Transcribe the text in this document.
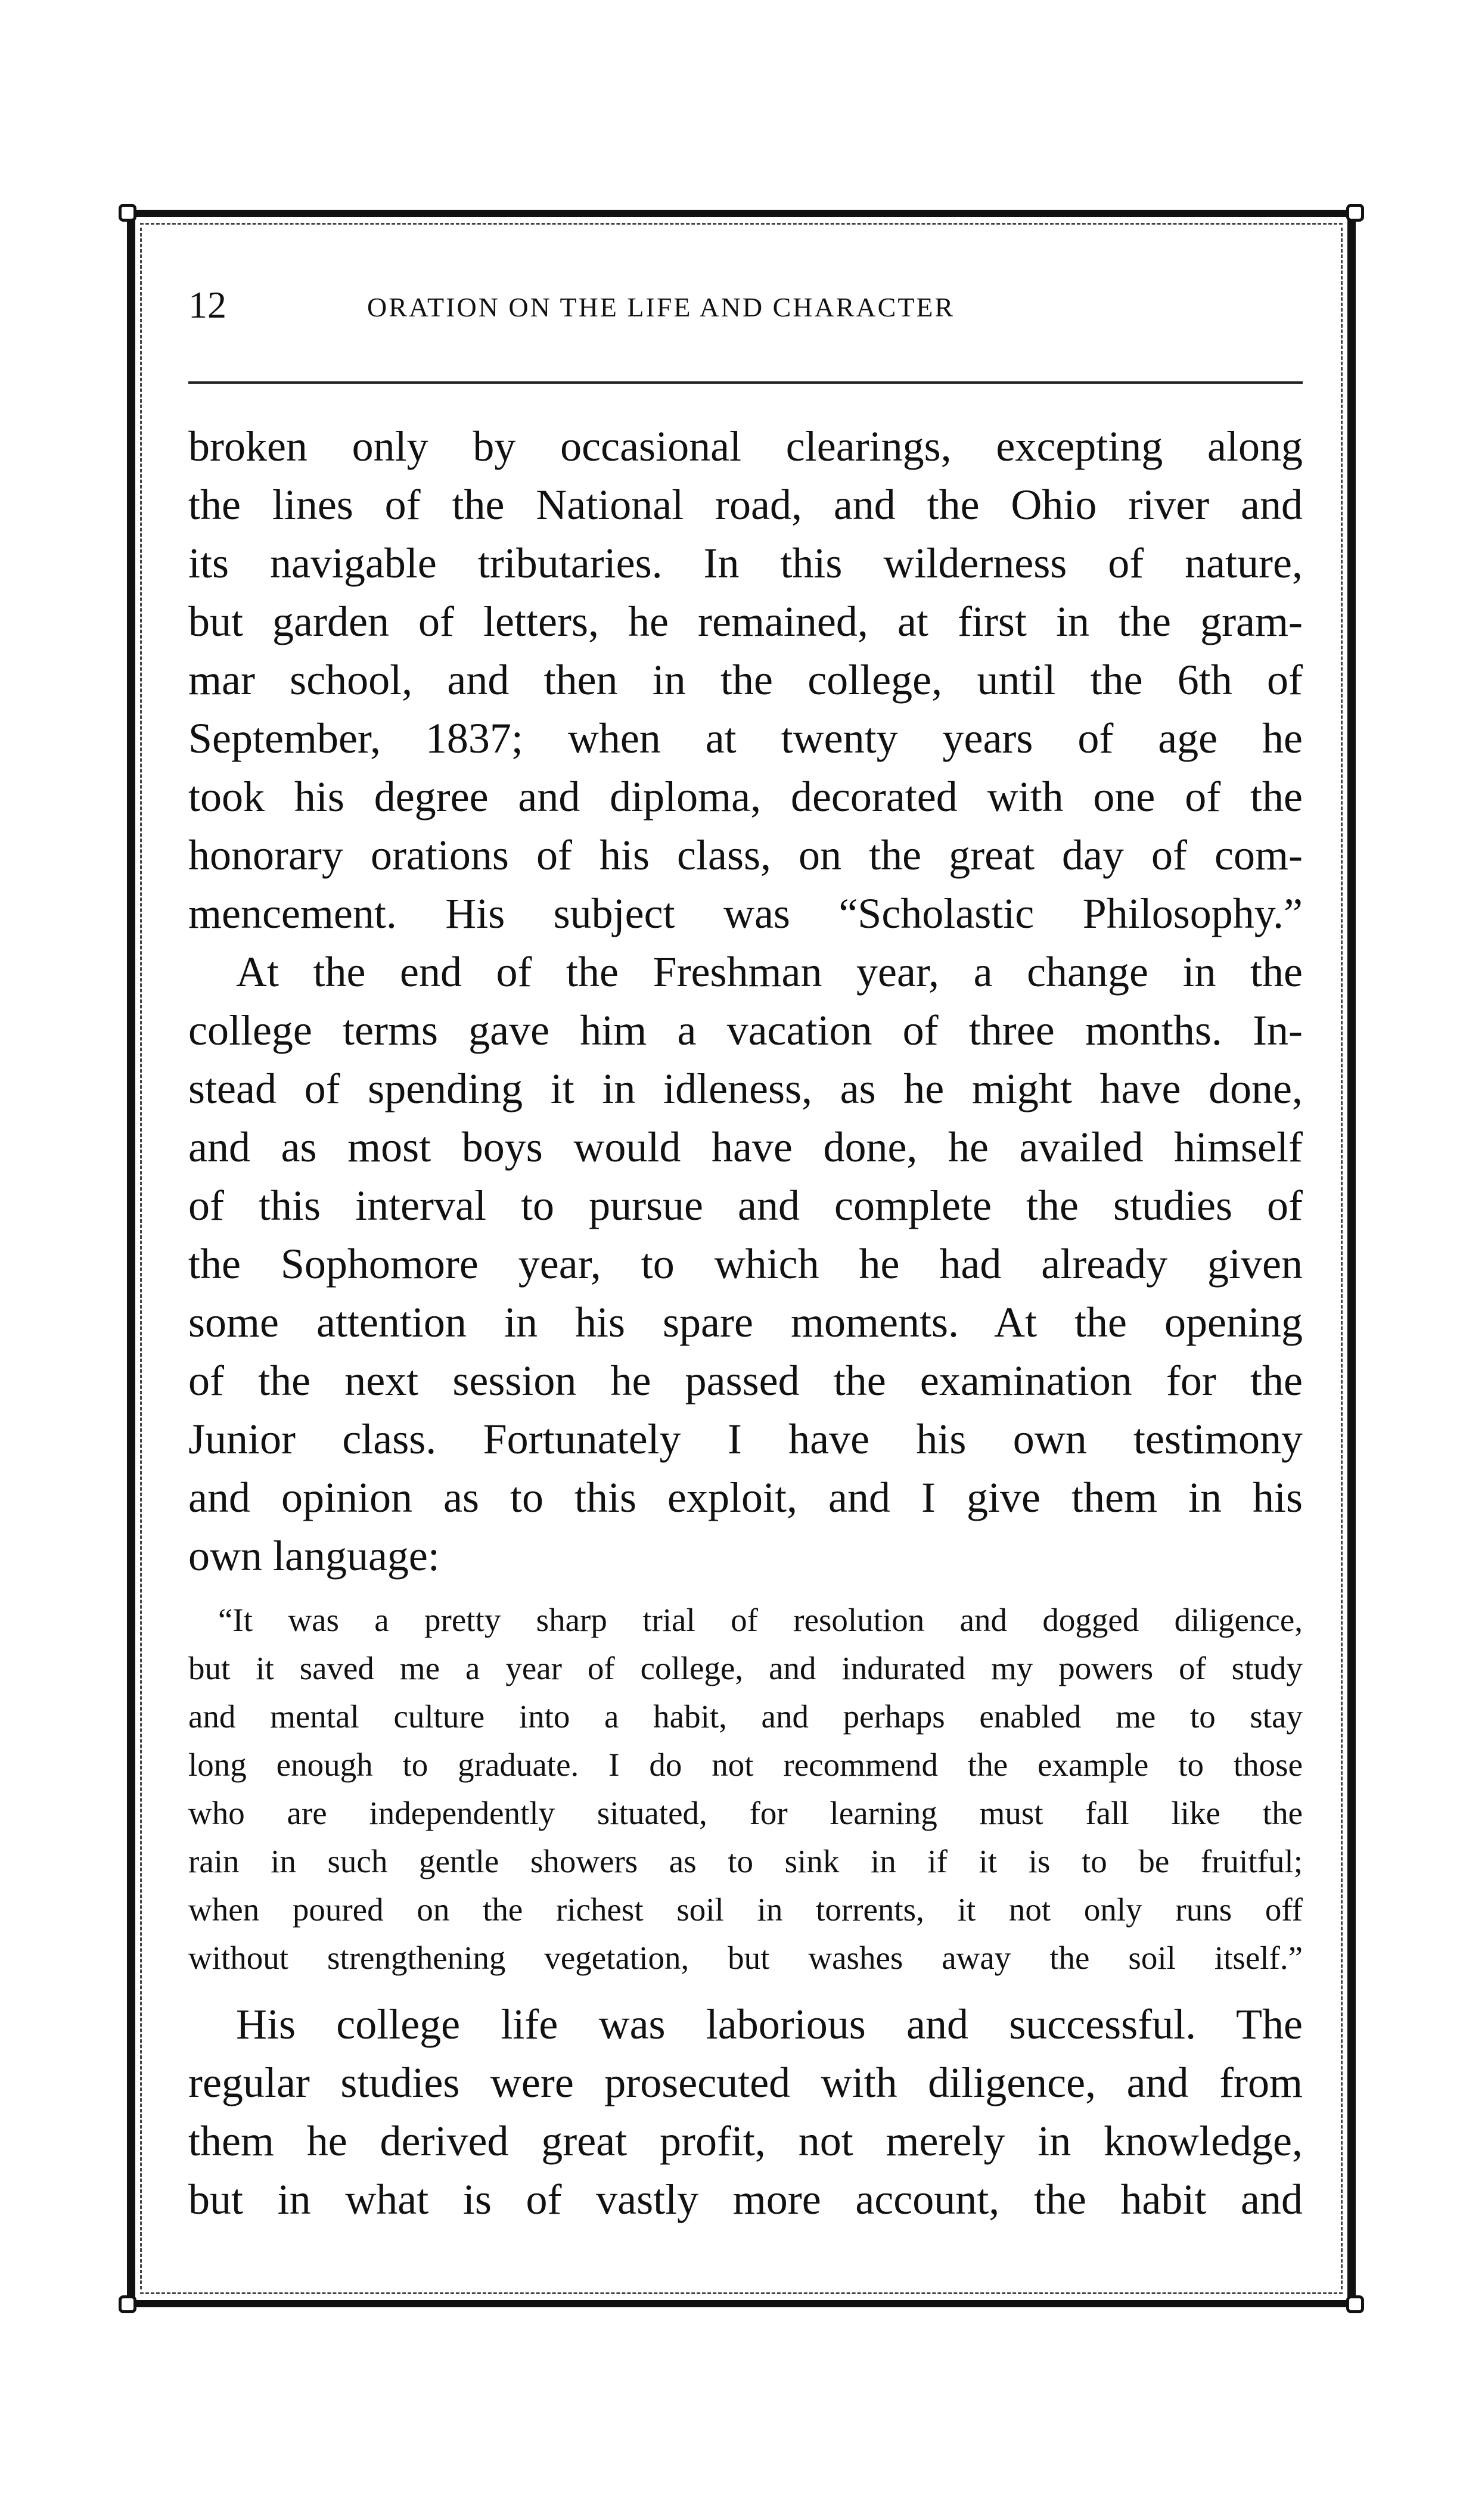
12	ORATION ON THE LIFE AND CHARACTER
broken only by occasional clearings, excepting along
the lines of the National road, and the Ohio river and
its navigable tributaries. In this wilderness of nature,
but garden of letters, he remained, at first in the gram-
mar school, and then in the college, until the 6th of
September, 1837; when at twenty years of age he
took his degree and diploma, decorated with one of the
honorary orations of his class, on the great day of com-
mencement. His subject was “Scholastic Philosophy.”
At the end of the Freshman year, a change in the
college terms gave him a vacation of three months. In-
stead of spending it in idleness, as he might have done,
and as most boys would have done, he availed himself
of this interval to pursue and complete the studies of
the Sophomore year, to which he had already given
some attention in his spare moments. At the opening
of the next session he passed the examination for the
Junior class. Fortunately I have his own testimony
and opinion as to this exploit, and I give them in his
own language:
“It was a pretty sharp trial of resolution and dogged diligence,
but it saved me a year of college, and indurated my powers of study
and mental culture into a habit, and perhaps enabled me to stay
long enough to graduate. I do not recommend the example to those
who are independently situated, for learning must fall like the
rain in such gentle showers as to sink in if it is to be fruitful;
when poured on the richest soil in torrents, it not only runs off
without strengthening vegetation, but washes away the soil itself.”
His college life was laborious and successful. The
regular studies were prosecuted with diligence, and from
them he derived great profit, not merely in knowledge,
but in what is of vastly more account, the habit and
